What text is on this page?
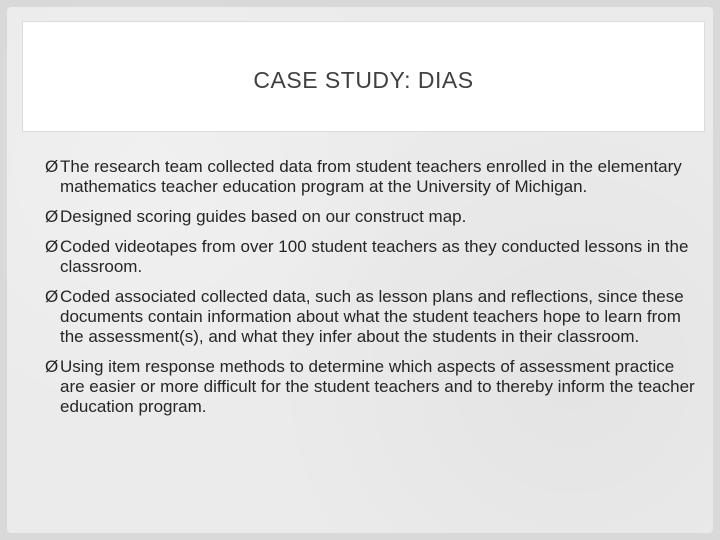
CASE STUDY: DIAS
Ø The research team collected data from student teachers enrolled in the elementary mathematics teacher education program at the University of Michigan.
Ø Designed scoring guides based on our construct map.
Ø Coded videotapes from over 100 student teachers as they conducted lessons in the classroom.
Ø Coded associated collected data, such as lesson plans and reflections, since these documents contain information about what the student teachers hope to learn from the assessment(s), and what they infer about the students in their classroom.
Ø Using item response methods to determine which aspects of assessment practice are easier or more difficult for the student teachers and to thereby inform the teacher education program.
